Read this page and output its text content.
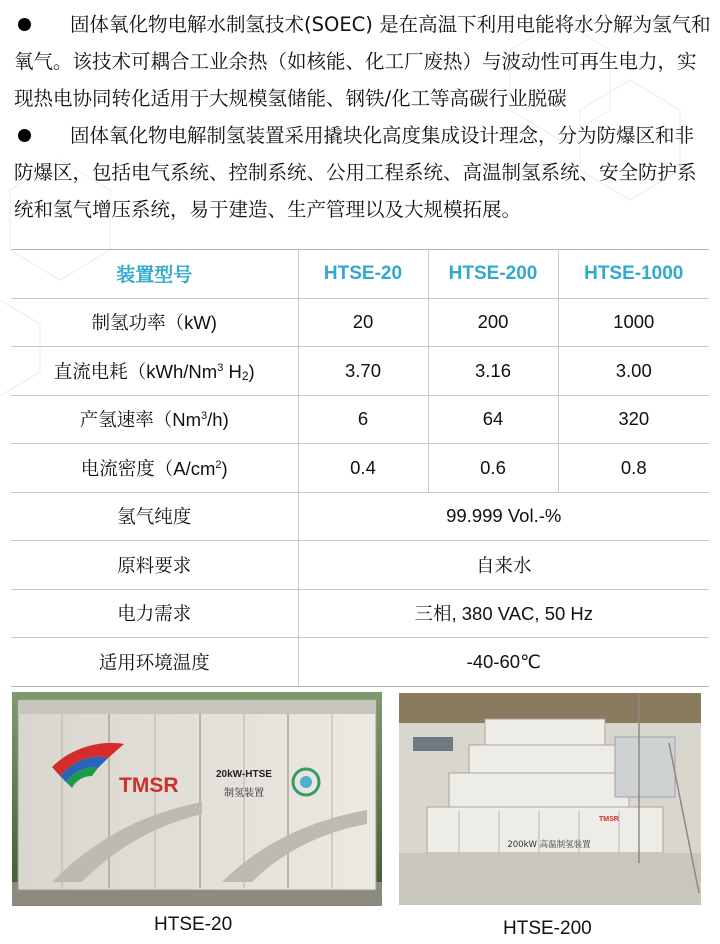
固体氧化物电解水制氢技术(SOEC) 是在高温下利用电能将水分解为氢气和氧气。该技术可耦合工业余热（如核能、化工厂废热）与波动性可再生电力，实现热电协同转化适用于大规模氢储能、钢铁/化工等高碳行业脱碳

固体氧化物电解制氢装置采用撬块化高度集成设计理念，分为防爆区和非防爆区，包括电气系统、控制系统、公用工程系统、高温制氢系统、安全防护系统和氢气增压系统，易于建造、生产管理以及大规模拓展。

装置型号	HTSE-20	HTSE-200	HTSE-1000
制氢功率（kW)	20	200	1000
直流电耗（kWh/Nm$^3$ $H_2$)	3.70	3.16	3.00
产氢速率（Nm$^3$/h)	6	64	320
电流密度$(A/cm^2)$	0.4	0.6	0.8
氢气纯度	99.999 Vol.-%		
原料要求	自来水		
电力需求	三相, 380 VAC, 50 Hz		
适用环境温度	-40-60℃		
TMSR	20kW-HTSE
制氢装置
HTSE-20
200kW 高温制氢装置
TMSR
HTSE-200
